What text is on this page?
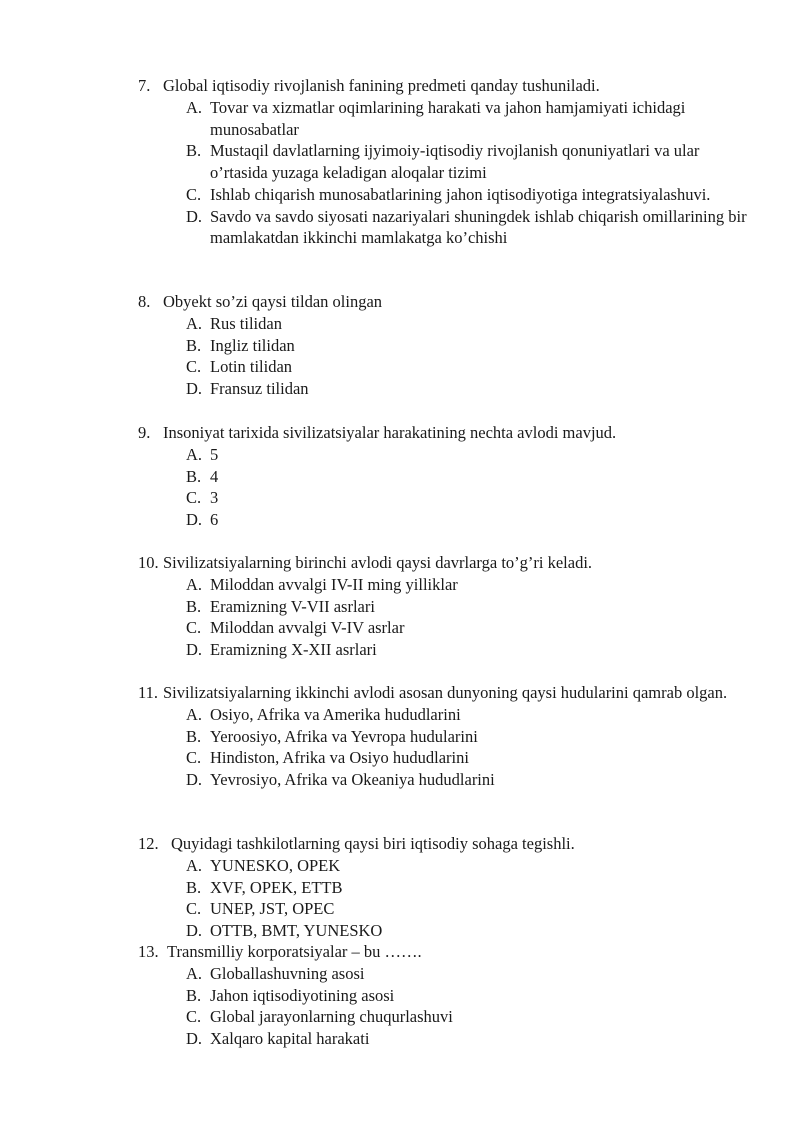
7. Global iqtisodiy rivojlanish fanining predmeti qanday tushuniladi.
A. Tovar va xizmatlar oqimlarining harakati va jahon hamjamiyati ichidagi munosabatlar
B. Mustaqil davlatlarning ijyimoiy-iqtisodiy rivojlanish qonuniyatlari va ular o’rtasida yuzaga keladigan aloqalar tizimi
C. Ishlab chiqarish munosabatlarining jahon iqtisodiyotiga integratsiyalashuvi.
D. Savdo va savdo siyosati nazariyalari shuningdek ishlab chiqarish omillarining bir mamlakatdan ikkinchi mamlakatga ko’chishi
8. Obyekt so’zi qaysi tildan olingan
A. Rus tilidan
B. Ingliz tilidan
C. Lotin tilidan
D. Fransuz tilidan
9. Insoniyat tarixida sivilizatsiyalar harakatining nechta avlodi mavjud.
A. 5
B. 4
C. 3
D. 6
10. Sivilizatsiyalarning birinchi avlodi qaysi davrlarga to’g’ri keladi.
A. Miloddan avvalgi IV-II ming yilliklar
B. Eramizning V-VII asrlari
C. Miloddan avvalgi V-IV asrlar
D. Eramizning X-XII asrlari
11. Sivilizatsiyalarning ikkinchi avlodi asosan dunyoning qaysi hudularini qamrab olgan.
A. Osiyo, Afrika va Amerika hududlarini
B. Yeroosiyo, Afrika va Yevropa hudularini
C. Hindiston, Afrika va Osiyo hududlarini
D. Yevrosiyo, Afrika va Okeaniya hududlarini
12. Quyidagi tashkilotlarning qaysi biri iqtisodiy sohaga tegishli.
A. YUNESKO, OPEK
B. XVF, OPEK, ETTB
C. UNEP, JST, OPEC
D. OTTB, BMT, YUNESKO
13. Transmilliy korporatsiyalar – bu …….
A. Globallashuvning asosi
B. Jahon iqtisodiyotining asosi
C. Global jarayonlarning chuqurlashuvi
D. Xalqaro kapital harakati
